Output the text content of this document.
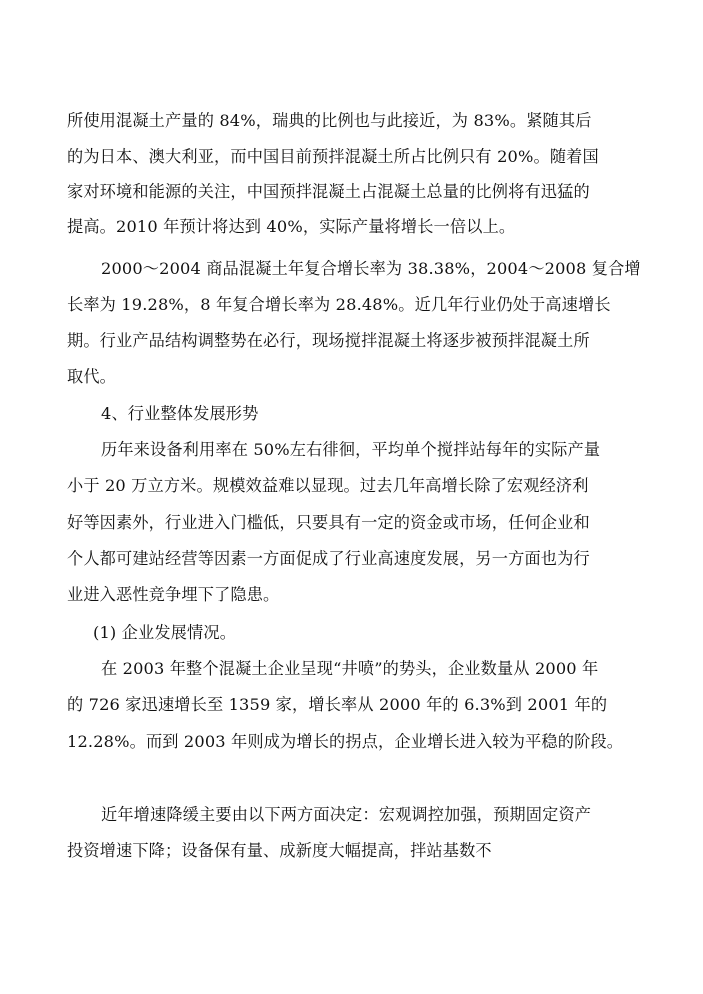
所使用混凝土产量的 84%，瑞典的比例也与此接近，为 83%。紧随其后
的为日本、澳大利亚，而中国目前预拌混凝土所占比例只有 20%。随着国
家对环境和能源的关注，中国预拌混凝土占混凝土总量的比例将有迅猛的
提高。2010 年预计将达到 40%，实际产量将增长一倍以上。
2000～2004 商品混凝土年复合增长率为 38.38%，2004～2008 复合增
长率为 19.28%，8 年复合增长率为 28.48%。近几年行业仍处于高速增长
期。行业产品结构调整势在必行，现场搅拌混凝土将逐步被预拌混凝土所
取代。
4、行业整体发展形势
历年来设备利用率在 50%左右徘徊，平均单个搅拌站每年的实际产量
小于 20 万立方米。规模效益难以显现。过去几年高增长除了宏观经济利
好等因素外，行业进入门槛低，只要具有一定的资金或市场，任何企业和
个人都可建站经营等因素一方面促成了行业高速度发展，另一方面也为行
业进入恶性竞争埋下了隐患。
(1) 企业发展情况。
在 2003 年整个混凝土企业呈现“井喷”的势头，企业数量从 2000 年
的 726 家迅速增长至 1359 家，增长率从 2000 年的 6.3%到 2001 年的
12.28%。而到 2003 年则成为增长的拐点，企业增长进入较为平稳的阶段。
近年增速降缓主要由以下两方面决定：宏观调控加强，预期固定资产
投资增速下降；设备保有量、成新度大幅提高，拌站基数不
